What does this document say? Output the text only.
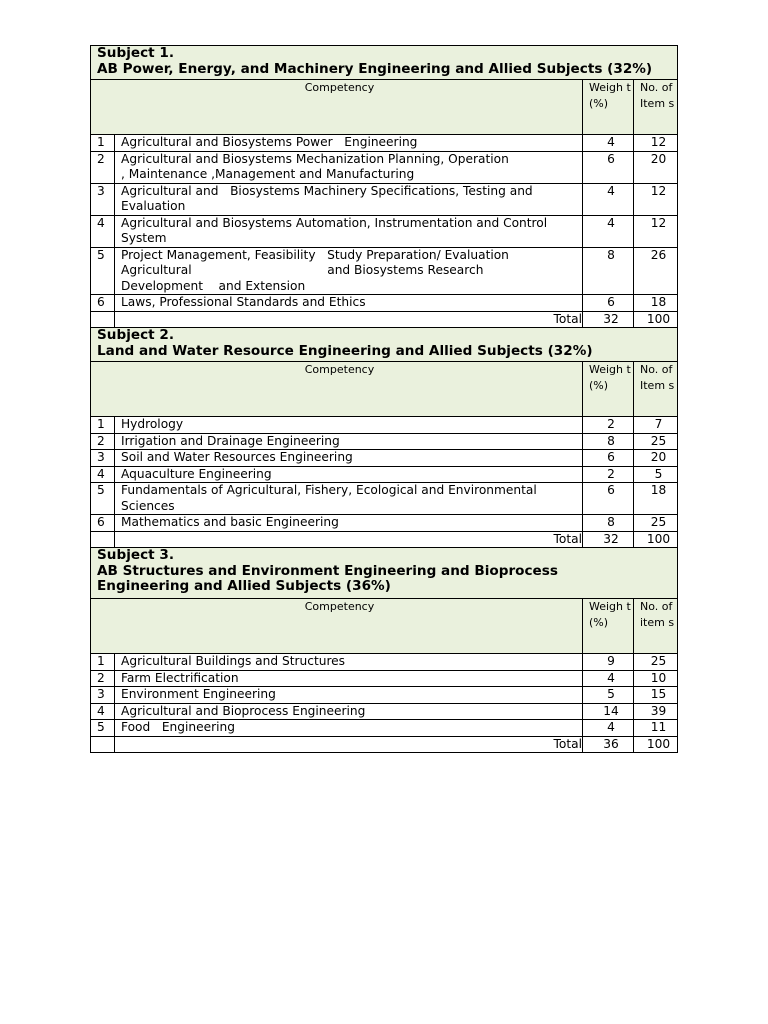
Subject 1.
AB Power, Energy, and Machinery Engineering and Allied Subjects (32%)			

Competency		Weigh t (%)	No. of Item s
1	Agricultural and Biosystems Power   Engineering	4	12
2	Agricultural and Biosystems Mechanization Planning, Operation
, Maintenance ,Management and Manufacturing	6	20
3	Agricultural and   Biosystems Machinery Specifications, Testing and Evaluation	4	12
4	Agricultural and Biosystems Automation, Instrumentation and Control System	4	12
5	Project Management, Feasibility   Study Preparation/ Evaluation
Agricultural                                   and Biosystems Research
Development    and Extension	8	26
6	Laws, Professional Standards and Ethics	6	18
	Total	32	100

Subject 2.
Land and Water Resource Engineering and Allied Subjects (32%)			

Competency		Weigh t (%)	No. of Item s
1	Hydrology	2	7
2	Irrigation and Drainage Engineering	8	25
3	Soil and Water Resources Engineering	6	20
4	Aquaculture Engineering	2	5
5	Fundamentals of Agricultural, Fishery, Ecological and Environmental Sciences	6	18
6	Mathematics and basic Engineering	8	25
	Total	32	100

Subject 3.
AB Structures and Environment Engineering and Bioprocess Engineering and Allied Subjects (36%)			

Competency		Weigh t (%)	No. of item s
1	Agricultural Buildings and Structures	9	25
2	Farm Electrification	4	10
3	Environment Engineering	5	15
4	Agricultural and Bioprocess Engineering	14	39
5	Food   Engineering	4	11
	Total	36	100
